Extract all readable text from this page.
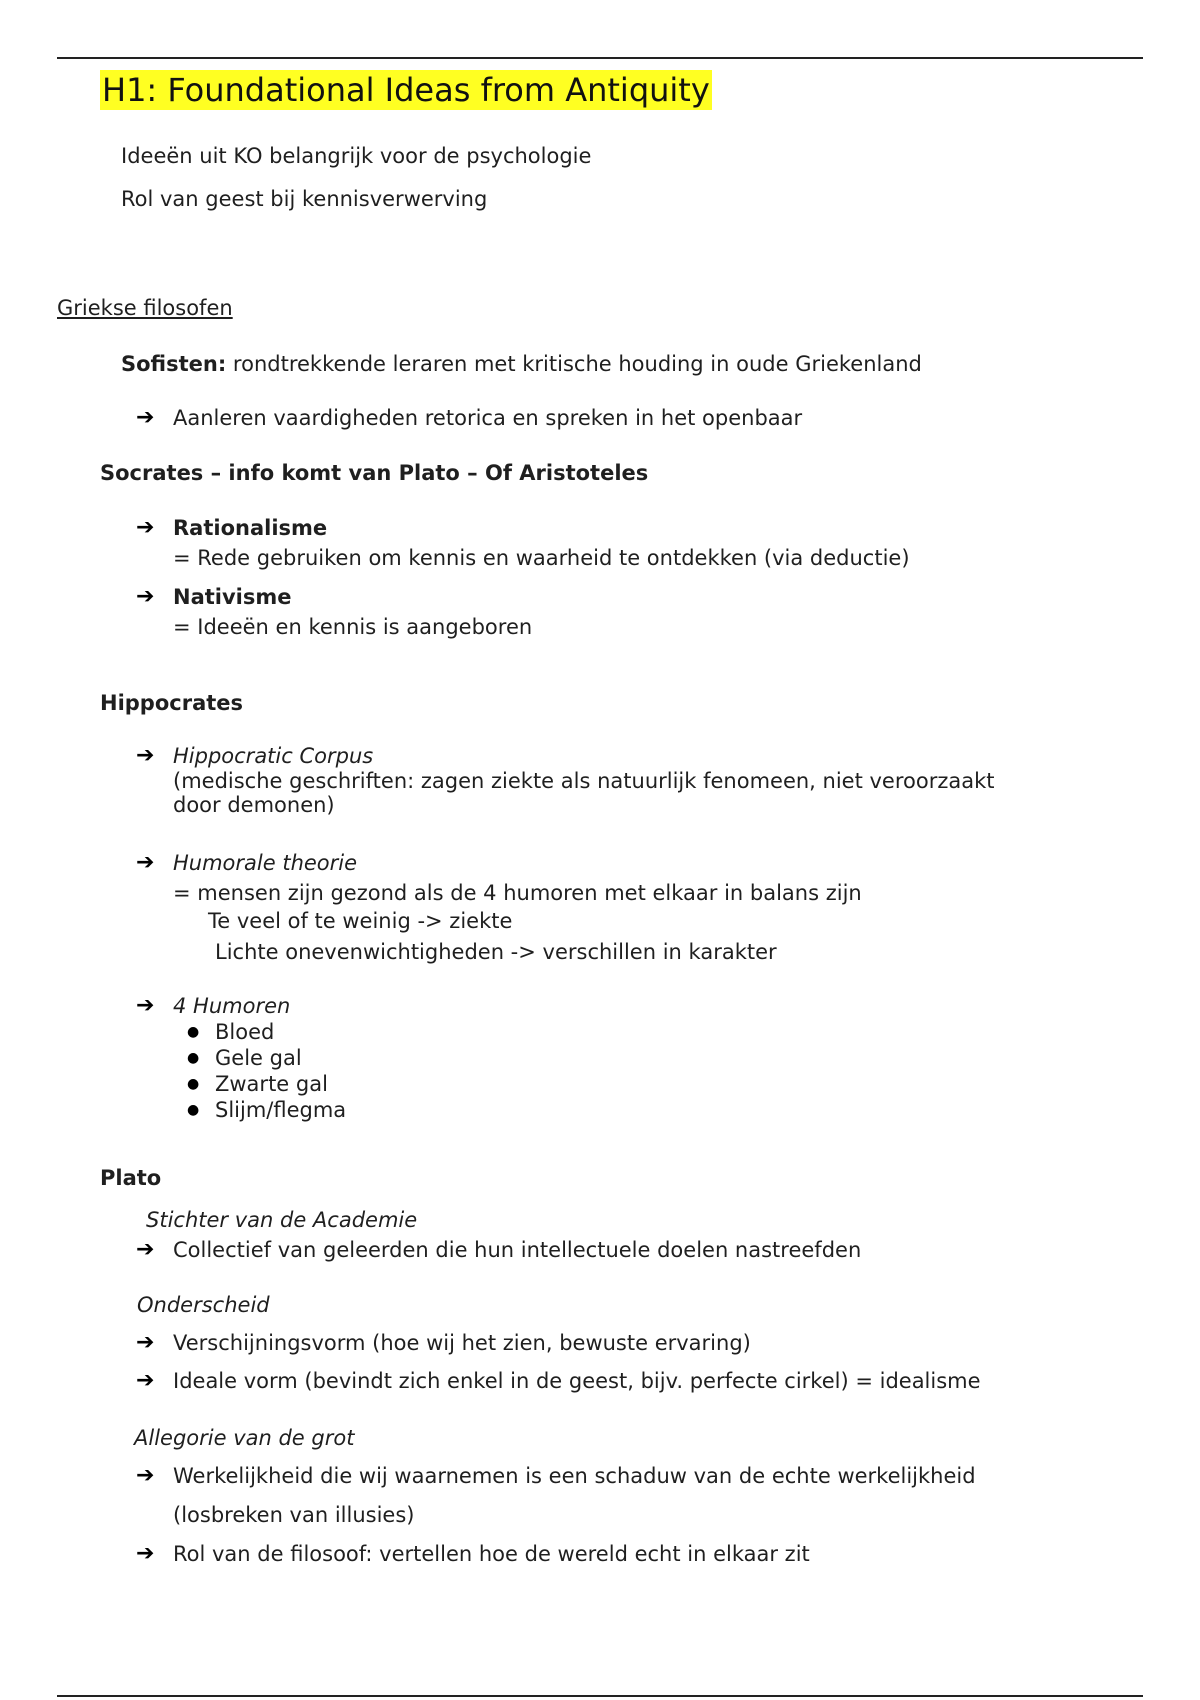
H1: Foundational Ideas from Antiquity
Ideeën uit KO belangrijk voor de psychologie
Rol van geest bij kennisverwerving
Griekse filosofen
Sofisten: rondtrekkende leraren met kritische houding in oude Griekenland
➔ Aanleren vaardigheden retorica en spreken in het openbaar
Socrates – info komt van Plato – Of Aristoteles
➔ Rationalisme
= Rede gebruiken om kennis en waarheid te ontdekken (via deductie)
➔ Nativisme
= Ideeën en kennis is aangeboren
Hippocrates
➔ Hippocratic Corpus
(medische geschriften: zagen ziekte als natuurlijk fenomeen, niet veroorzaakt
door demonen)
➔ Humorale theorie
= mensen zijn gezond als de 4 humoren met elkaar in balans zijn
Te veel of te weinig -> ziekte
Lichte onevenwichtigheden -> verschillen in karakter
➔ 4 Humoren
● Bloed
● Gele gal
● Zwarte gal
● Slijm/flegma
Plato
Stichter van de Academie
➔ Collectief van geleerden die hun intellectuele doelen nastreefden
Onderscheid
➔ Verschijningsvorm (hoe wij het zien, bewuste ervaring)
➔ Ideale vorm (bevindt zich enkel in de geest, bijv. perfecte cirkel) = idealisme
Allegorie van de grot
➔ Werkelijkheid die wij waarnemen is een schaduw van de echte werkelijkheid
(losbreken van illusies)
➔ Rol van de filosoof: vertellen hoe de wereld echt in elkaar zit
